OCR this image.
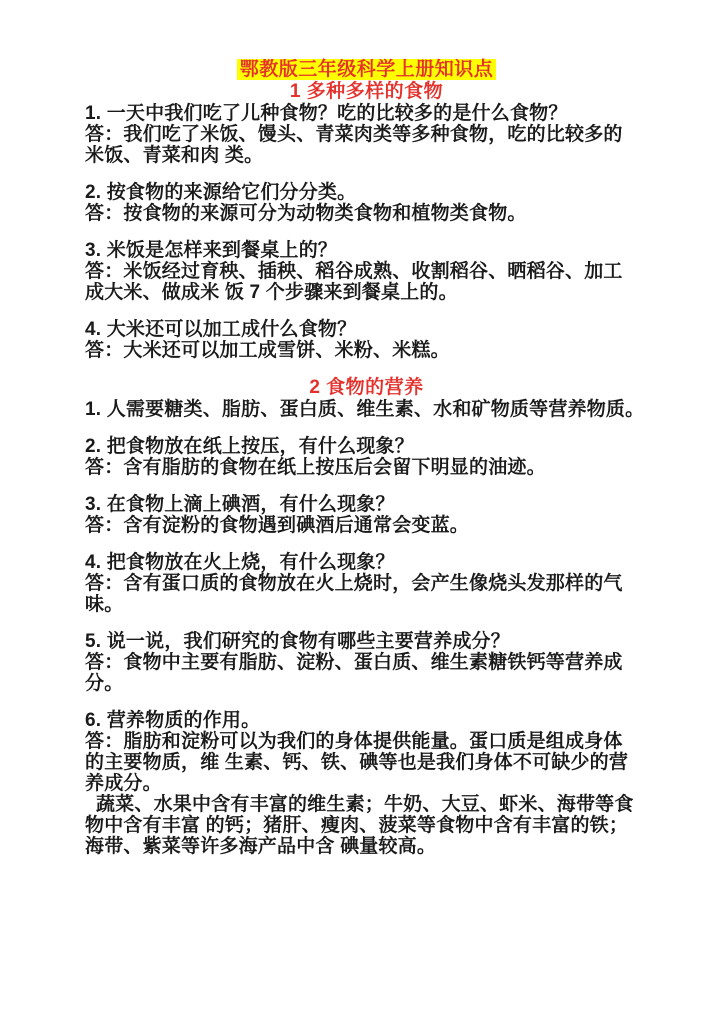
鄂教版三年级科学上册知识点
1 多种多样的食物
1. 一天中我们吃了儿种食物？吃的比较多的是什么食物？
答：我们吃了米饭、馒头、青菜肉类等多种食物，吃的比较多的
米饭、青菜和肉 类。
2. 按食物的来源给它们分分类。
答：按食物的来源可分为动物类食物和植物类食物。
3. 米饭是怎样来到餐桌上的？
答：米饭经过育秧、插秧、稻谷成熟、收割稻谷、晒稻谷、加工
成大米、做成米 饭 7 个步骤来到餐桌上的。
4. 大米还可以加工成什么食物？
答：大米还可以加工成雪饼、米粉、米糕。
2 食物的营养
1. 人需要糖类、脂肪、蛋白质、维生素、水和矿物质等营养物质。
2. 把食物放在纸上按压，有什么现象？
答：含有脂肪的食物在纸上按压后会留下明显的油迹。
3. 在食物上滴上碘酒，有什么现象？
答：含有淀粉的食物遇到碘酒后通常会变蓝。
4. 把食物放在火上烧，有什么现象？
答：含有蛋口质的食物放在火上烧时，会产生像烧头发那样的气
味。
5. 说一说，我们研究的食物有哪些主要营养成分？
答：食物中主要有脂肪、淀粉、蛋白质、维生素糖铁钙等营养成
分。
6. 营养物质的作用。
答：脂肪和淀粉可以为我们的身体提供能量。蛋口质是组成身体
的主要物质，维 生素、钙、铁、碘等也是我们身体不可缺少的营
养成分。
蔬菜、水果中含有丰富的维生素；牛奶、大豆、虾米、海带等食
物中含有丰富 的钙；猪肝、瘦肉、菠菜等食物中含有丰富的铁；
海带、紫菜等许多海产品中含 碘量较高。
